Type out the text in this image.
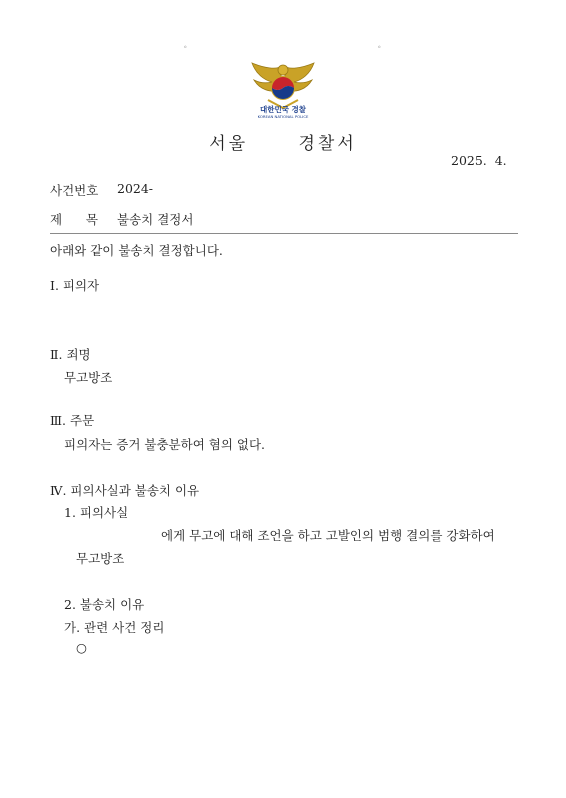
。	。
대한민국 경찰
KOREAN NATIONAL POLICE
서울      경찰서
2025.  4.
사건번호 2024-
제      목 불송치 결정서
아래와 같이 불송치 결정합니다.
Ⅰ. 피의자
Ⅱ. 죄명
무고방조
Ⅲ. 주문
피의자는 증거 불충분하여 혐의 없다.
Ⅳ. 피의사실과 불송치 이유
1. 피의사실
에게 무고에 대해 조언을 하고 고발인의 범행 결의를 강화하여
무고방조
2. 불송치 이유
가. 관련 사건 정리
○
